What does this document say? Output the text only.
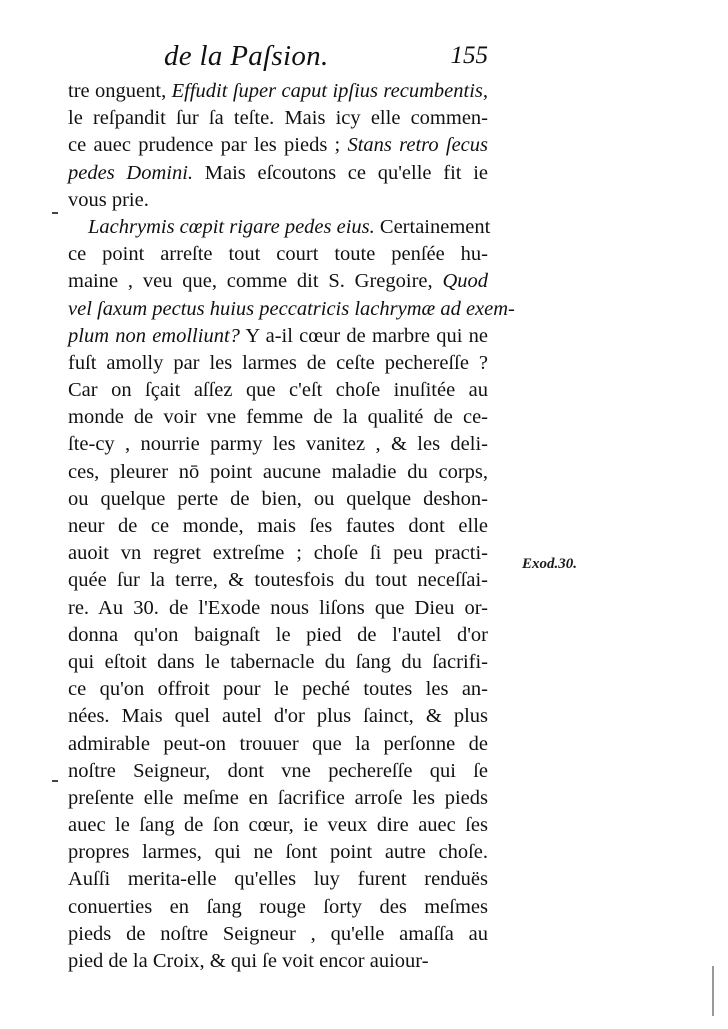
de la Paſsion.	155
tre onguent, Effudit ſuper caput ipſius recumbentis,
le reſpandit ſur ſa teſte. Mais icy elle commen-
ce auec prudence par les pieds ; Stans retro ſecus
pedes Domini. Mais eſcoutons ce qu'elle fit ie
vous prie.
Lachrymis cœpit rigare pedes eius. Certainement
ce point arreſte tout court toute penſée hu-
maine , veu que, comme dit S. Gregoire, Quod
vel ſaxum pectus huius peccatricis lachrymæ ad exem-
plum non emolliunt? Y a-il cœur de marbre qui ne
fuſt amolly par les larmes de ceſte pechereſſe ?
Car on ſçait aſſez que c'eſt choſe inuſitée au
monde de voir vne femme de la qualité de ce-
ſte-cy , nourrie parmy les vanitez , & les deli-
ces, pleurer nō point aucune maladie du corps,
ou quelque perte de bien, ou quelque deshon-
neur de ce monde, mais ſes fautes dont elle
auoit vn regret extreſme ; choſe ſi peu practi-
quée ſur la terre, & toutesfois du tout neceſſai-
re. Au 30. de l'Exode nous liſons que Dieu or-
donna qu'on baignaſt le pied de l'autel d'or
qui eſtoit dans le tabernacle du ſang du ſacrifi-
ce qu'on offroit pour le peché toutes les an-
nées. Mais quel autel d'or plus ſainct, & plus
admirable peut-on trouuer que la perſonne de
noſtre Seigneur, dont vne pechereſſe qui ſe
preſente elle meſme en ſacrifice arroſe les pieds
auec le ſang de ſon cœur, ie veux dire auec ſes
propres larmes, qui ne ſont point autre choſe.
Auſſi merita-elle qu'elles luy furent renduës
conuerties en ſang rouge ſorty des meſmes
pieds de noſtre Seigneur , qu'elle amaſſa au
pied de la Croix, & qui ſe voit encor auiour-
Exod.30.
